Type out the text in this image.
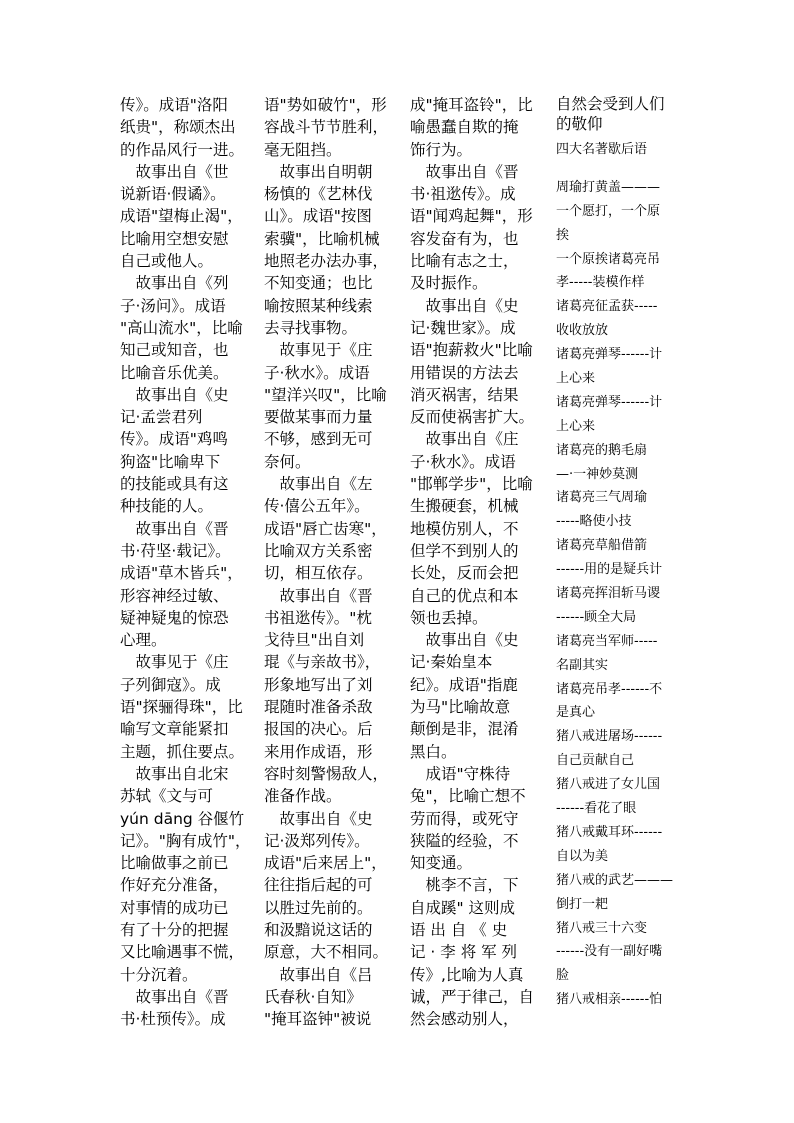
传》。成语"洛阳
纸贵"，称颂杰出
的作品风行一进。
　故事出自《世
说新语·假谲》。
成语"望梅止渴"，
比喻用空想安慰
自己或他人。
　故事出自《列
子·汤问》。成语
"高山流水"，比喻
知己或知音，也
比喻音乐优美。
　故事出自《史
记·孟尝君列
传》。成语"鸡鸣
狗盗"比喻卑下
的技能或具有这
种技能的人。
　故事出自《晋
书·苻坚·载记》。
成语"草木皆兵"，
形容神经过敏、
疑神疑鬼的惊恐
心理。
　故事见于《庄
子列御寇》。成
语"探骊得珠"，比
喻写文章能紧扣
主题，抓住要点。
　故事出自北宋
苏轼《文与可
yún dāng 谷偃竹
记》。"胸有成竹"，
比喻做事之前已
作好充分准备，
对事情的成功已
有了十分的把握
又比喻遇事不慌，
十分沉着。
　故事出自《晋
书·杜预传》。成
语"势如破竹"，形
容战斗节节胜利，
毫无阻挡。
　故事出自明朝
杨慎的《艺林伐
山》。成语"按图
索骥"，比喻机械
地照老办法办事，
不知变通；也比
喻按照某种线索
去寻找事物。
　故事见于《庄
子·秋水》。成语
"望洋兴叹"，比喻
要做某事而力量
不够，感到无可
奈何。
　故事出自《左
传·僖公五年》。
成语"唇亡齿寒"，
比喻双方关系密
切，相互依存。
　故事出自《晋
书祖逖传》。"枕
戈待旦"出自刘
琨《与亲故书》，
形象地写出了刘
琨随时准备杀敌
报国的决心。后
来用作成语，形
容时刻警惕敌人，
准备作战。
　故事出自《史
记·汲郑列传》。
成语"后来居上"，
往往指后起的可
以胜过先前的。
和汲黯说这话的
原意，大不相同。
　故事出自《吕
氏春秋·自知》
"掩耳盗钟"被说
成"掩耳盗铃"，比
喻愚蠢自欺的掩
饰行为。
　故事出自《晋
书·祖逖传》。成
语"闻鸡起舞"，形
容发奋有为，也
比喻有志之士，
及时振作。
　故事出自《史
记·魏世家》。成
语"抱薪救火"比喻
用错误的方法去
消灭祸害，结果
反而使祸害扩大。
　故事出自《庄
子·秋水》。成语
"邯郸学步"，比喻
生搬硬套，机械
地模仿别人，不
但学不到别人的
长处，反而会把
自己的优点和本
领也丢掉。
　故事出自《史
记·秦始皇本
纪》。成语"指鹿
为马"比喻故意
颠倒是非，混淆
黑白。
　成语"守株待
兔"，比喻亡想不
劳而得，或死守
狭隘的经验，不
知变通。
　桃李不言，下
自成蹊" 这则成
语 出 自 《 史
记 · 李 将 军 列
传》,比喻为人真
诚，严于律己，自
然会感动别人，
自然会受到人们
的敬仰
四大名著歇后语
周瑜打黄盖———
一个愿打，一个原
挨
一个原挨诸葛亮吊
孝-----装模作样
诸葛亮征孟获-----
收收放放
诸葛亮弹琴------计
上心来
诸葛亮弹琴------计
上心来
诸葛亮的鹅毛扇
—·一神妙莫测
诸葛亮三气周瑜
-----略使小技
诸葛亮草船借箭
------用的是疑兵计
诸葛亮挥泪斩马谡
------顾全大局
诸葛亮当军师-----
名副其实
诸葛亮吊孝------不
是真心
猪八戒进屠场------
自己贡献自己
猪八戒进了女儿国
------看花了眼
猪八戒戴耳环------
自以为美
猪八戒的武艺———
倒打一耙
猪八戒三十六变
------没有一副好嘴
脸
猪八戒相亲------怕
